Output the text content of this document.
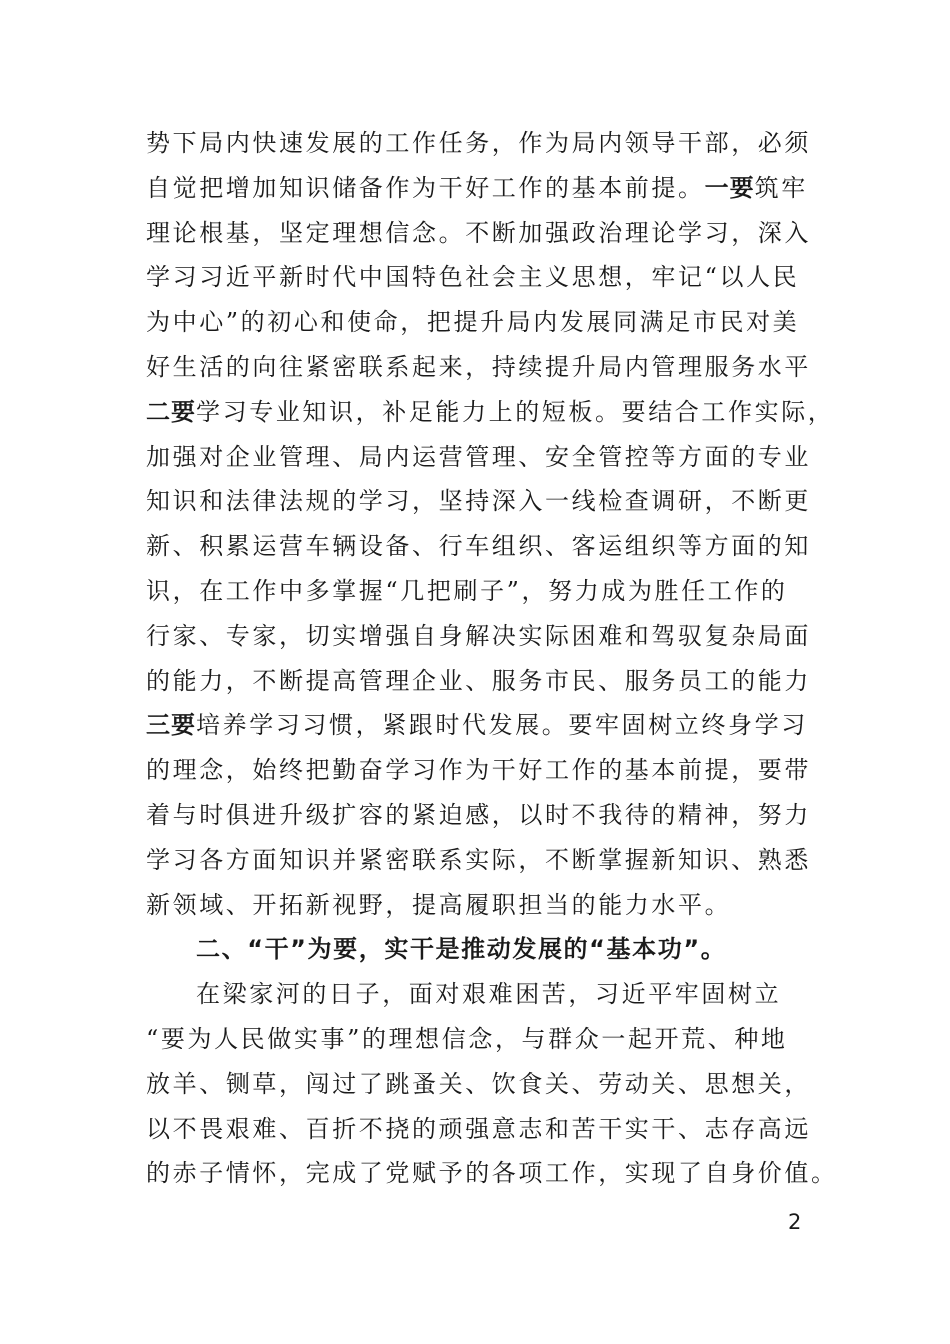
势下局内快速发展的工作任务，作为局内领导干部，必须
自觉把增加知识储备作为干好工作的基本前提。一要筑牢
理论根基，坚定理想信念。不断加强政治理论学习，深入
学习习近平新时代中国特色社会主义思想，牢记“以人民
为中心”的初心和使命，把提升局内发展同满足市民对美
好生活的向往紧密联系起来，持续提升局内管理服务水平
二要学习专业知识，补足能力上的短板。要结合工作实际，
加强对企业管理、局内运营管理、安全管控等方面的专业
知识和法律法规的学习，坚持深入一线检查调研，不断更
新、积累运营车辆设备、行车组织、客运组织等方面的知
识，在工作中多掌握“几把刷子”，努力成为胜任工作的
行家、专家，切实增强自身解决实际困难和驾驭复杂局面
的能力，不断提高管理企业、服务市民、服务员工的能力
三要培养学习习惯，紧跟时代发展。要牢固树立终身学习
的理念，始终把勤奋学习作为干好工作的基本前提，要带
着与时俱进升级扩容的紧迫感，以时不我待的精神，努力
学习各方面知识并紧密联系实际，不断掌握新知识、熟悉
新领域、开拓新视野，提高履职担当的能力水平。
二、“干”为要，实干是推动发展的“基本功”。
在梁家河的日子，面对艰难困苦，习近平牢固树立
“要为人民做实事”的理想信念，与群众一起开荒、种地
放羊、铡草，闯过了跳蚤关、饮食关、劳动关、思想关，
以不畏艰难、百折不挠的顽强意志和苦干实干、志存高远
的赤子情怀，完成了党赋予的各项工作，实现了自身价值。
2
